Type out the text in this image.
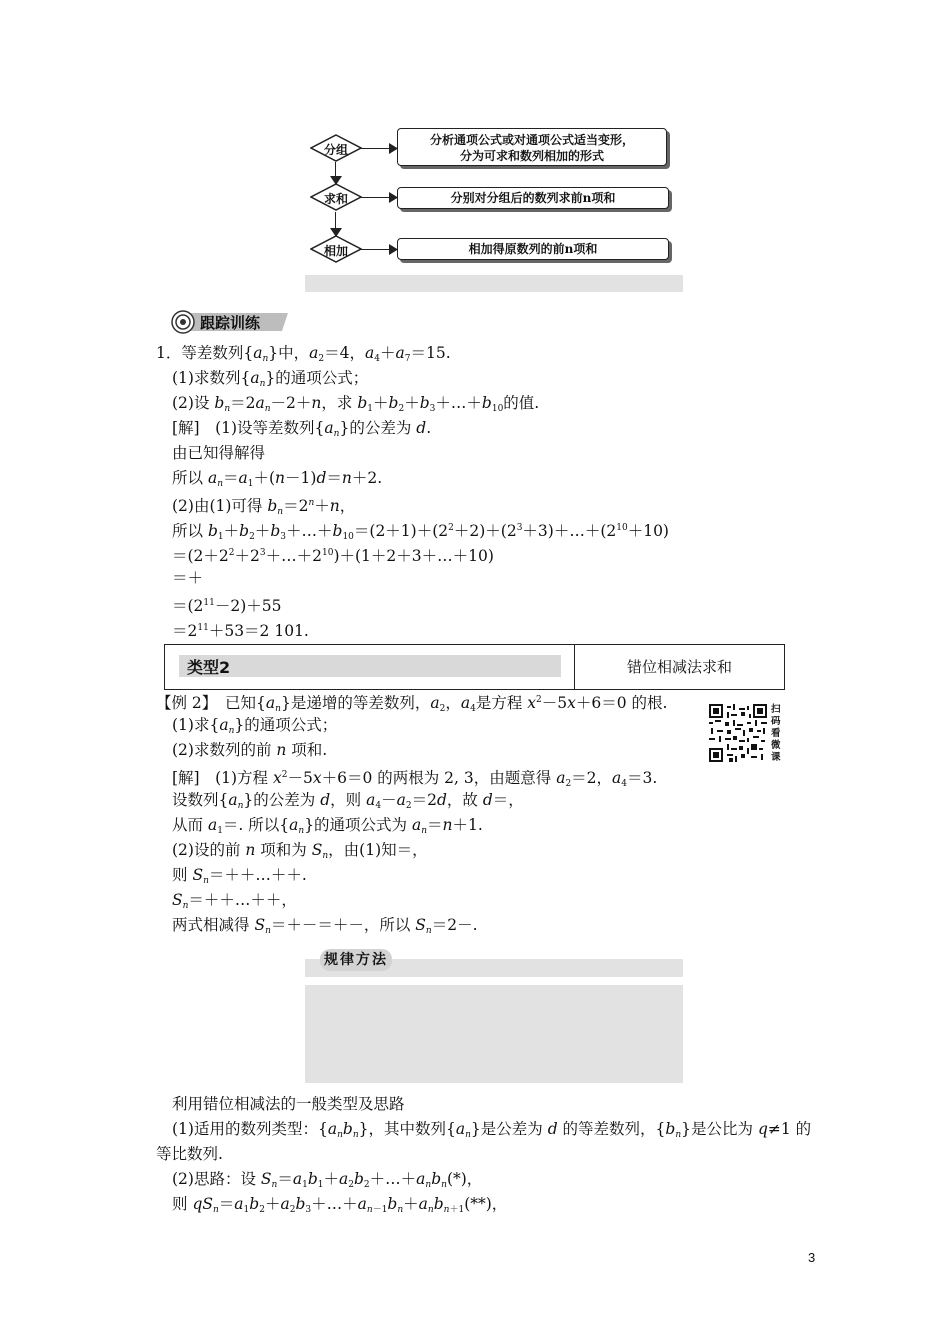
分组
求和
相加
分析通项公式或对通项公式适当变形，
分为可求和数列相加的形式
分别对分组后的数列求前n项和
相加得原数列的前n项和
跟踪训练
1．等差数列$\{a_n\}$中，$a_2=4$，$a_4+a_7=15$.
(1)求数列$\{a_n\}$的通项公式；
(2)设 $b_n=2a_n-2+n$，求 $b_1+b_2+b_3+\dots+b_{10}$的值.
[解]　(1)设等差数列$\{a_n\}$的公差为 d.
由已知得解得
所以 $a_n=a_1+(n-1)d=n+2$.
(2)由(1)可得 $b_n=2^n+n$，
所以 $b_1+b_2+b_3+\dots+b_{10}=(2+1)+(2^2+2)+(2^3+3)+\dots+(2^{10}+10)$
$=(2+2^2+2^3+\dots+2^{10})+(1+2+3+\dots+10)$
＝＋
$=(2^{11}-2)+55$
$=2^{11}+53=2$ 101.
类型2	错位相减法求和
【例 2】　已知$\{a_n\}$是递增的等差数列，$a_2$，$a_4$是方程 $x^2-5x+6=0$ 的根.
(1)求$\{a_n\}$的通项公式；
(2)求数列的前 n 项和.
[解]　(1)方程 $x^2-5x+6=0$ 的两根为 2, 3，由题意得 $a_2=2$，$a_4=3$.
设数列$\{a_n\}$的公差为 d，则 $a_4-a_2=2d$，故 d＝，
从而 $a_1=$. 所以$\{a_n\}$的通项公式为 $a_n=n+1$.
(2)设的前 n 项和为 $S_n$，由(1)知＝，
则 $S_n=++\dots++$.
$S_n=++\dots++$，
两式相减得 $S_n=+-=+-$，所以 $S_n=2-$.
扫码看微课
规律方法
利用错位相减法的一般类型及思路
(1)适用的数列类型：$\{a_nb_n\}$，其中数列$\{a_n\}$是公差为 d 的等差数列，$\{b_n\}$是公比为 q≠1 的
等比数列.
(2)思路：设 $S_n=a_1b_1+a_2b_2+\dots+a_nb_n(*)$，
则 $qS_n=a_1b_2+a_2b_3+\dots+a_{n-1}b_n+a_nb_{n+1}(**)$，
3
